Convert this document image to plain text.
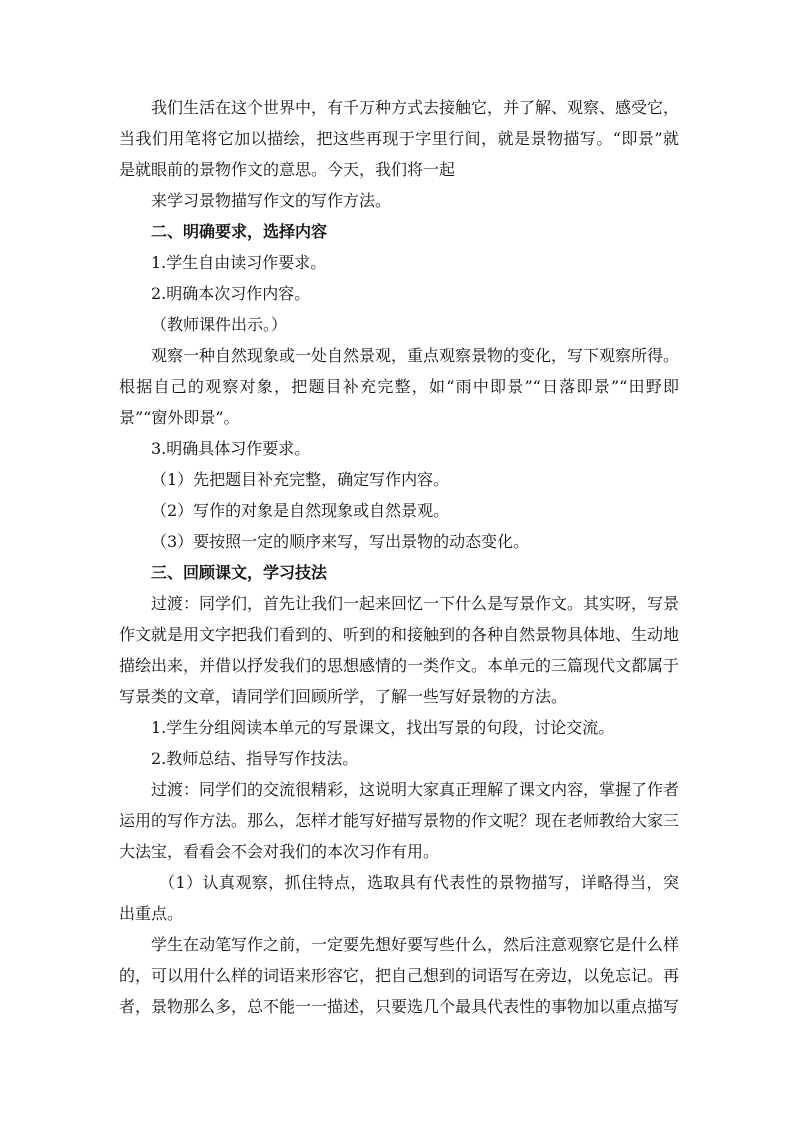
我们生活在这个世界中，有千万种方式去接触它，并了解、观察、感受它，当我们用笔将它加以描绘，把这些再现于字里行间，就是景物描写。“即景”就是就眼前的景物作文的意思。今天，我们将一起

来学习景物描写作文的写作方法。

二、明确要求，选择内容

1.学生自由读习作要求。

2.明确本次习作内容。

（教师课件出示。）

观察一种自然现象或一处自然景观，重点观察景物的变化，写下观察所得。根据自己的观察对象，把题目补充完整，如“雨中即景”“日落即景”“田野即景”“窗外即景”。

3.明确具体习作要求。

（1）先把题目补充完整，确定写作内容。

（2）写作的对象是自然现象或自然景观。

（3）要按照一定的顺序来写，写出景物的动态变化。

三、回顾课文，学习技法

过渡：同学们，首先让我们一起来回忆一下什么是写景作文。其实呀，写景作文就是用文字把我们看到的、听到的和接触到的各种自然景物具体地、生动地描绘出来，并借以抒发我们的思想感情的一类作文。本单元的三篇现代文都属于写景类的文章，请同学们回顾所学，了解一些写好景物的方法。

1.学生分组阅读本单元的写景课文，找出写景的句段，讨论交流。

2.教师总结、指导写作技法。

过渡：同学们的交流很精彩，这说明大家真正理解了课文内容，掌握了作者运用的写作方法。那么，怎样才能写好描写景物的作文呢？现在老师教给大家三大法宝，看看会不会对我们的本次习作有用。

（1）认真观察，抓住特点，选取具有代表性的景物描写，详略得当，突出重点。

学生在动笔写作之前，一定要先想好要写些什么，然后注意观察它是什么样的，可以用什么样的词语来形容它，把自己想到的词语写在旁边，以免忘记。再者，景物那么多，总不能一一描述，只要选几个最具代表性的事物加以重点描写
